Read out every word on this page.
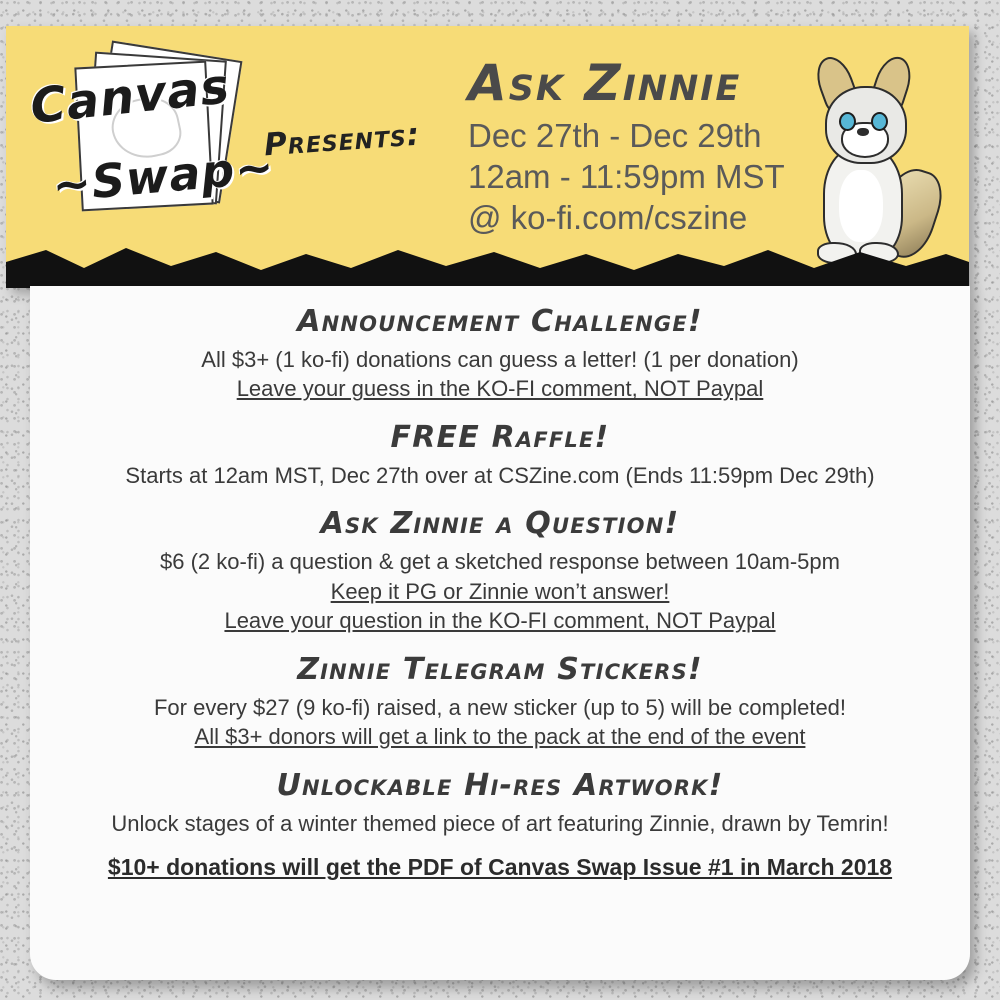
Canvas
~Swap~
Presents:
Ask Zinnie
Dec 27th - Dec 29th
12am - 11:59pm MST
@ ko-fi.com/cszine
Announcement Challenge!
All $3+ (1 ko-fi) donations can guess a letter! (1 per donation)
Leave your guess in the KO-FI comment, NOT Paypal
FREE Raffle!
Starts at 12am MST, Dec 27th over at CSZine.com (Ends 11:59pm Dec 29th)
Ask Zinnie a Question!
$6 (2 ko-fi) a question & get a sketched response between 10am-5pm
Keep it PG or Zinnie won’t answer!
Leave your question in the KO-FI comment, NOT Paypal
Zinnie Telegram Stickers!
For every $27 (9 ko-fi) raised, a new sticker (up to 5) will be completed!
All $3+ donors will get a link to the pack at the end of the event
Unlockable Hi-res Artwork!
Unlock stages of a winter themed piece of art featuring Zinnie, drawn by Temrin!
$10+ donations will get the PDF of Canvas Swap Issue #1 in March 2018
